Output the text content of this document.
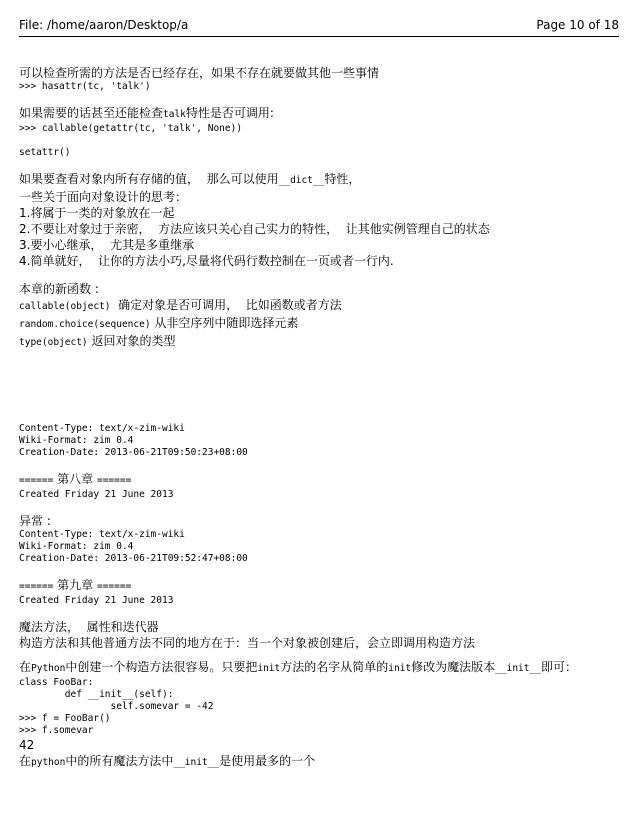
File: /home/aaron/Desktop/a	Page 10 of 18

可以检查所需的方法是否已经存在，如果不存在就要做其他一些事情

>>> hasattr(tc, 'talk')

如果需要的话甚至还能检查talk特性是否可调用:

>>> callable(getattr(tc, 'talk', None))

setattr()

如果要查看对象内所有存储的值，  那么可以使用__dict__特性，

一些关于面向对象设计的思考：

1.将属于一类的对象放在一起

2.不要让对象过于亲密，  方法应该只关心自己实力的特性，  让其他实例管理自己的状态

3.要小心继承，  尤其是多重继承

4.简单就好，  让你的方法小巧,尽量将代码行数控制在一页或者一行内.

本章的新函数 :

callable(object)  确定对象是否可调用，  比如函数或者方法

random.choice(sequence) 从非空序列中随即选择元素

type(object) 返回对象的类型

Content-Type: text/x-zim-wiki

Wiki-Format: zim 0.4

Creation-Date: 2013-06-21T09:50:23+08:00

====== 第八章 ======

Created Friday 21 June 2013

异常 :

Content-Type: text/x-zim-wiki

Wiki-Format: zim 0.4

Creation-Date: 2013-06-21T09:52:47+08:00

====== 第九章 ======

Created Friday 21 June 2013

魔法方法，  属性和迭代器

构造方法和其他普通方法不同的地方在于：当一个对象被创建后，会立即调用构造方法

在Python中创建一个构造方法很容易。只要把init方法的名字从简单的init修改为魔法版本__init__即可：

class FooBar:

def __init__(self):

self.somevar = -42

>>> f = FooBar()

>>> f.somevar

42

在python中的所有魔法方法中__init__是使用最多的一个
